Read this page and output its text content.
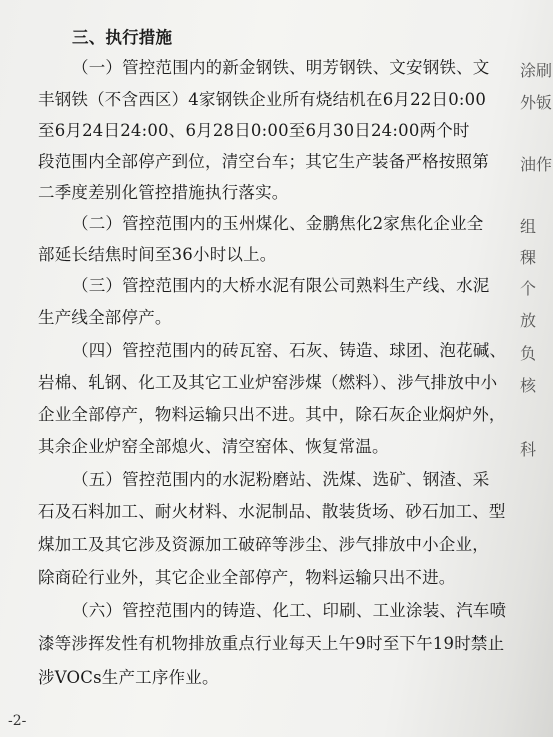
三、执行措施
（一）管控范围内的新金钢铁、明芳钢铁、文安钢铁、文
丰钢铁（不含西区）4家钢铁企业所有烧结机在6月22日0:00
至6月24日24:00、6月28日0:00至6月30日24:00两个时
段范围内全部停产到位，清空台车；其它生产装备严格按照第
二季度差别化管控措施执行落实。
（二）管控范围内的玉州煤化、金鹏焦化2家焦化企业全
部延长结焦时间至36小时以上。
（三）管控范围内的大桥水泥有限公司熟料生产线、水泥
生产线全部停产。
（四）管控范围内的砖瓦窑、石灰、铸造、球团、泡花碱、
岩棉、轧钢、化工及其它工业炉窑涉煤（燃料）、涉气排放中小
企业全部停产，物料运输只出不进。其中，除石灰企业焖炉外，
其余企业炉窑全部熄火、清空窑体、恢复常温。
（五）管控范围内的水泥粉磨站、洗煤、选矿、钢渣、采
石及石料加工、耐火材料、水泥制品、散装货场、砂石加工、型
煤加工及其它涉及资源加工破碎等涉尘、涉气排放中小企业，
除商砼行业外，其它企业全部停产，物料运输只出不进。
（六）管控范围内的铸造、化工、印刷、工业涂装、汽车喷
漆等涉挥发性有机物排放重点行业每天上午9时至下午19时禁止
涉VOCs生产工序作业。
涂刷
外钣
油作
组
稞
个
放
负
核
科
-2-
